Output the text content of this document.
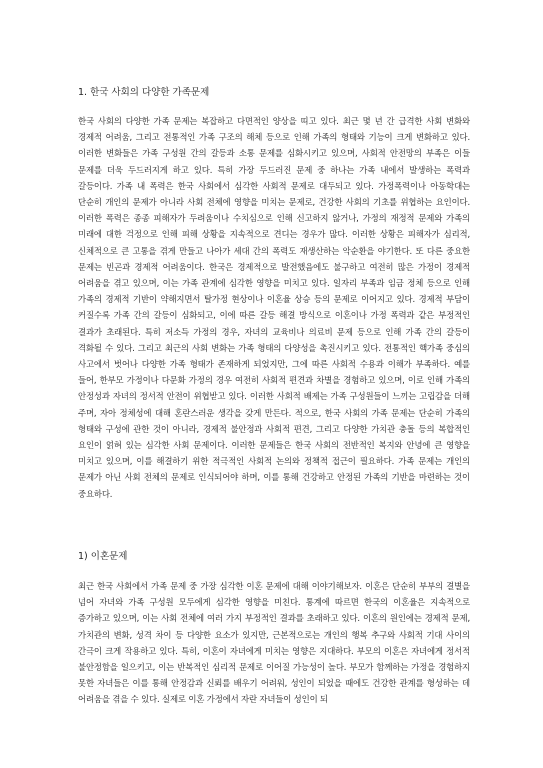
1. 한국 사회의 다양한 가족문제
한국 사회의 다양한 가족 문제는 복잡하고 다면적인 양상을 띠고 있다. 최근 몇 년 간 급격한 사회 변화와 경제적 어려움, 그리고 전통적인 가족 구조의 해체 등으로 인해 가족의 형태와 기능이 크게 변화하고 있다. 이러한 변화들은 가족 구성원 간의 갈등과 소통 문제를 심화시키고 있으며, 사회적 안전망의 부족은 이들 문제를 더욱 두드러지게 하고 있다. 특히 가장 두드러진 문제 중 하나는 가족 내에서 발생하는 폭력과 갈등이다. 가족 내 폭력은 한국 사회에서 심각한 사회적 문제로 대두되고 있다. 가정폭력이나 아동학대는 단순히 개인의 문제가 아니라 사회 전체에 영향을 미치는 문제로, 건강한 사회의 기초를 위협하는 요인이다. 이러한 폭력은 종종 피해자가 두려움이나 수치심으로 인해 신고하지 않거나, 가정의 재정적 문제와 가족의 미래에 대한 걱정으로 인해 피해 상황을 지속적으로 견디는 경우가 많다. 이러한 상황은 피해자가 심리적, 신체적으로 큰 고통을 겪게 만들고 나아가 세대 간의 폭력도 재생산하는 악순환을 야기한다. 또 다른 중요한 문제는 빈곤과 경제적 어려움이다. 한국은 경제적으로 발전했음에도 불구하고 여전히 많은 가정이 경제적 어려움을 겪고 있으며, 이는 가족 관계에 심각한 영향을 미치고 있다. 일자리 부족과 임금 정체 등으로 인해 가족의 경제적 기반이 약해지면서 탈가정 현상이나 이혼율 상승 등의 문제로 이어지고 있다. 경제적 부담이 커질수록 가족 간의 갈등이 심화되고, 이에 따른 갈등 해결 방식으로 이혼이나 가정 폭력과 같은 부정적인 결과가 초래된다. 특히 저소득 가정의 경우, 자녀의 교육비나 의료비 문제 등으로 인해 가족 간의 갈등이 격화될 수 있다. 그리고 최근의 사회 변화는 가족 형태의 다양성을 촉진시키고 있다. 전통적인 핵가족 중심의 사고에서 벗어나 다양한 가족 형태가 존재하게 되었지만, 그에 따른 사회적 수용과 이해가 부족하다. 예를 들어, 한부모 가정이나 다문화 가정의 경우 여전히 사회적 편견과 차별을 경험하고 있으며, 이로 인해 가족의 안정성과 자녀의 정서적 안전이 위협받고 있다. 이러한 사회적 배제는 가족 구성원들이 느끼는 고립감을 더해 주며, 자아 정체성에 대해 혼란스러운 생각을 갖게 만든다. 적으로, 한국 사회의 가족 문제는 단순히 가족의 형태와 구성에 관한 것이 아니라, 경제적 불안정과 사회적 편견, 그리고 다양한 가치관 충돌 등의 복합적인 요인이 얽혀 있는 심각한 사회 문제이다. 이러한 문제들은 한국 사회의 전반적인 복지와 안녕에 큰 영향을 미치고 있으며, 이를 해결하기 위한 적극적인 사회적 논의와 정책적 접근이 필요하다. 가족 문제는 개인의 문제가 아닌 사회 전체의 문제로 인식되어야 하며, 이를 통해 건강하고 안정된 가족의 기반을 마련하는 것이 중요하다.
1) 이혼문제
최근 한국 사회에서 가족 문제 중 가장 심각한 이혼 문제에 대해 이야기해보자. 이혼은 단순히 부부의 결별을 넘어 자녀와 가족 구성원 모두에게 심각한 영향을 미친다. 통계에 따르면 한국의 이혼율은 지속적으로 증가하고 있으며, 이는 사회 전체에 여러 가지 부정적인 결과를 초래하고 있다. 이혼의 원인에는 경제적 문제, 가치관의 변화, 성격 차이 등 다양한 요소가 있지만, 근본적으로는 개인의 행복 추구와 사회적 기대 사이의 간극이 크게 작용하고 있다. 특히, 이혼이 자녀에게 미치는 영향은 지대하다. 부모의 이혼은 자녀에게 정서적 불안정함을 일으키고, 이는 반복적인 심리적 문제로 이어질 가능성이 높다. 부모가 함께하는 가정을 경험하지 못한 자녀들은 이를 통해 안정감과 신뢰를 배우기 어려워, 성인이 되었을 때에도 건강한 관계를 형성하는 데 어려움을 겪을 수 있다. 실제로 이혼 가정에서 자란 자녀들이 성인이 되
